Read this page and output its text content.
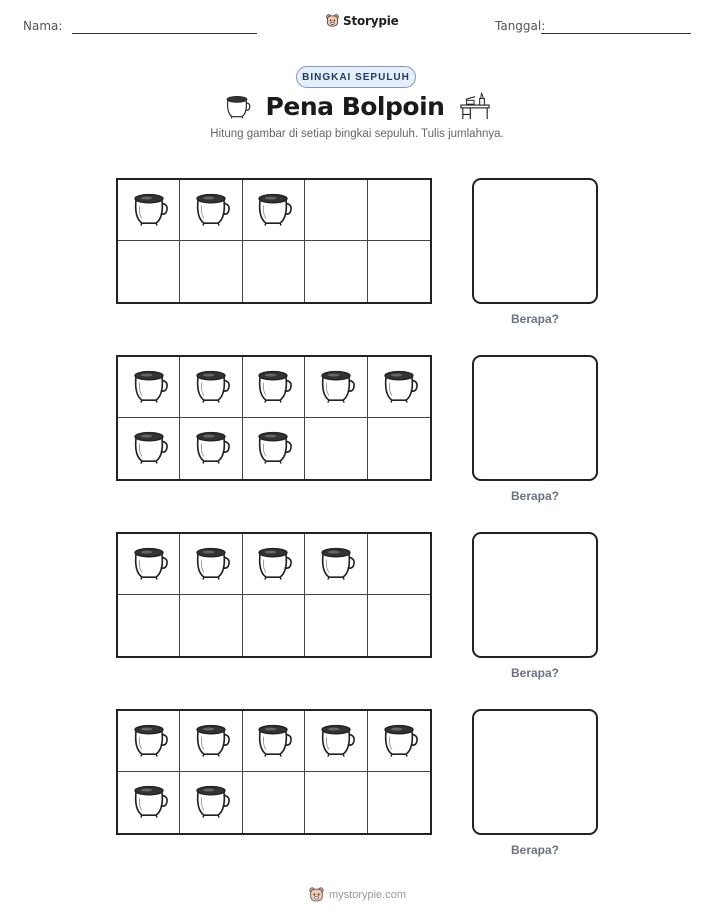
Nama:	Storypie	Tanggal:
BINGKAI SEPULUH
Pena Bolpoin
Hitung gambar di setiap bingkai sepuluh. Tulis jumlahnya.
Berapa?
Berapa?
Berapa?
Berapa?
mystorypie.com
